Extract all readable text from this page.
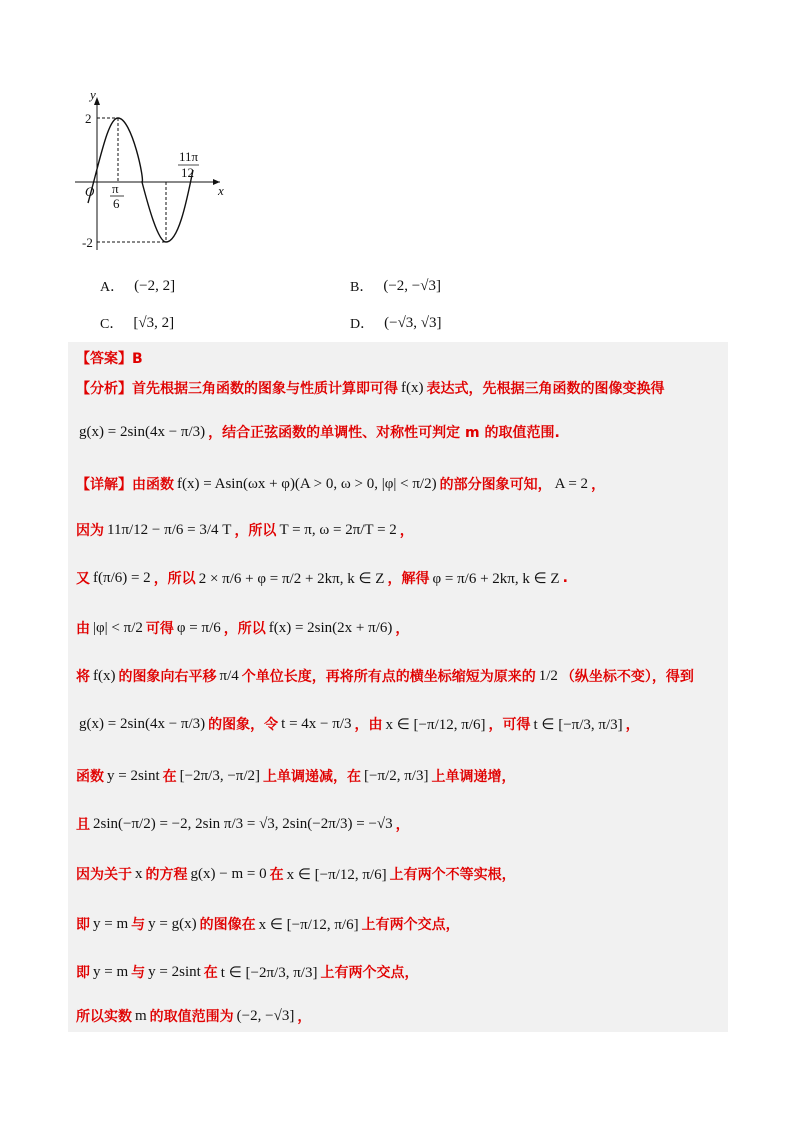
y
x
O
2
-2
π
6
11π
12
A． (−2, 2]	B． (−2, −√3]
C． [√3, 2]	D． (−√3, √3]
【答案】B
【分析】首先根据三角函数的图象与性质计算即可得 f(x) 表达式，先根据三角函数的图像变换得
g(x) = 2sin(4x − π/3) ，结合正弦函数的单调性、对称性可判定 m 的取值范围.
【详解】由函数 f(x) = Asin(ωx + φ)(A > 0, ω > 0, |φ| < π/2) 的部分图象可知， A = 2 ，
因为 11π/12 − π/6 = 3/4 T ，所以 T = π, ω = 2π/T = 2 ，
又 f(π/6) = 2 ，所以 2 × π/6 + φ = π/2 + 2kπ, k ∈ Z ，解得 φ = π/6 + 2kπ, k ∈ Z .
由 |φ| < π/2 可得 φ = π/6 ，所以 f(x) = 2sin(2x + π/6) ，
将 f(x) 的图象向右平移 π/4 个单位长度，再将所有点的横坐标缩短为原来的 1/2 （纵坐标不变），得到
g(x) = 2sin(4x − π/3) 的图象，令 t = 4x − π/3 ，由 x ∈ [−π/12, π/6] ，可得 t ∈ [−π/3, π/3] ，
函数 y = 2sint 在 [−2π/3, −π/2] 上单调递减，在 [−π/2, π/3] 上单调递增，
且 2sin(−π/2) = −2, 2sin π/3 = √3, 2sin(−2π/3) = −√3 ，
因为关于 x 的方程 g(x) − m = 0 在 x ∈ [−π/12, π/6] 上有两个不等实根，
即 y = m 与 y = g(x) 的图像在 x ∈ [−π/12, π/6] 上有两个交点，
即 y = m 与 y = 2sint 在 t ∈ [−2π/3, π/3] 上有两个交点，
所以实数 m 的取值范围为 (−2, −√3] ，
